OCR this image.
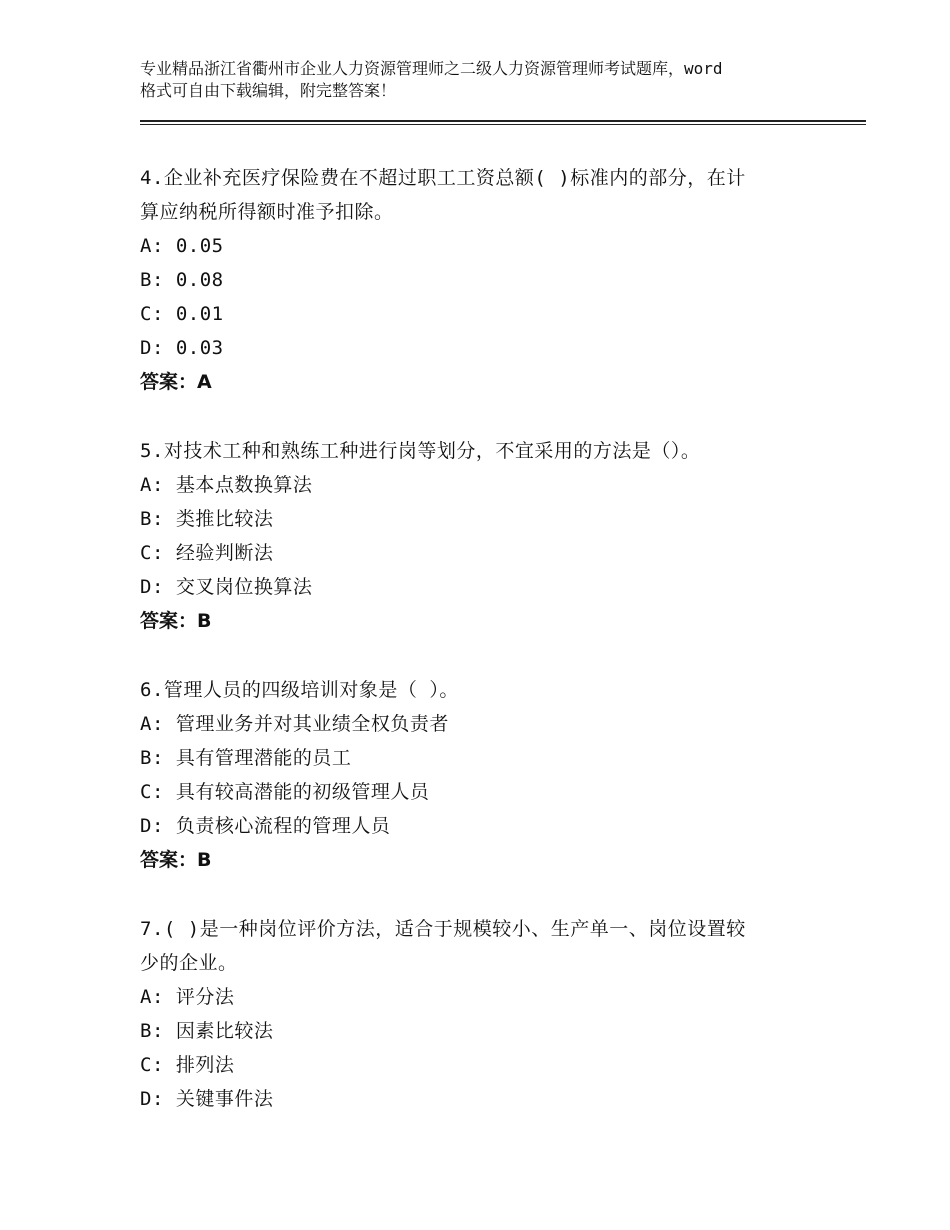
专业精品浙江省衢州市企业人力资源管理师之二级人力资源管理师考试题库，word
格式可自由下载编辑，附完整答案！
4.企业补充医疗保险费在不超过职工工资总额( )标准内的部分，在计
算应纳税所得额时准予扣除。
A: 0.05
B: 0.08
C: 0.01
D: 0.03
答案：A
5.对技术工种和熟练工种进行岗等划分，不宜采用的方法是（）。
A: 基本点数换算法
B: 类推比较法
C: 经验判断法
D: 交叉岗位换算法
答案：B
6.管理人员的四级培训对象是（ ）。
A: 管理业务并对其业绩全权负责者
B: 具有管理潜能的员工
C: 具有较高潜能的初级管理人员
D: 负责核心流程的管理人员
答案：B
7.( )是一种岗位评价方法，适合于规模较小、生产单一、岗位设置较
少的企业。
A: 评分法
B: 因素比较法
C: 排列法
D: 关键事件法
